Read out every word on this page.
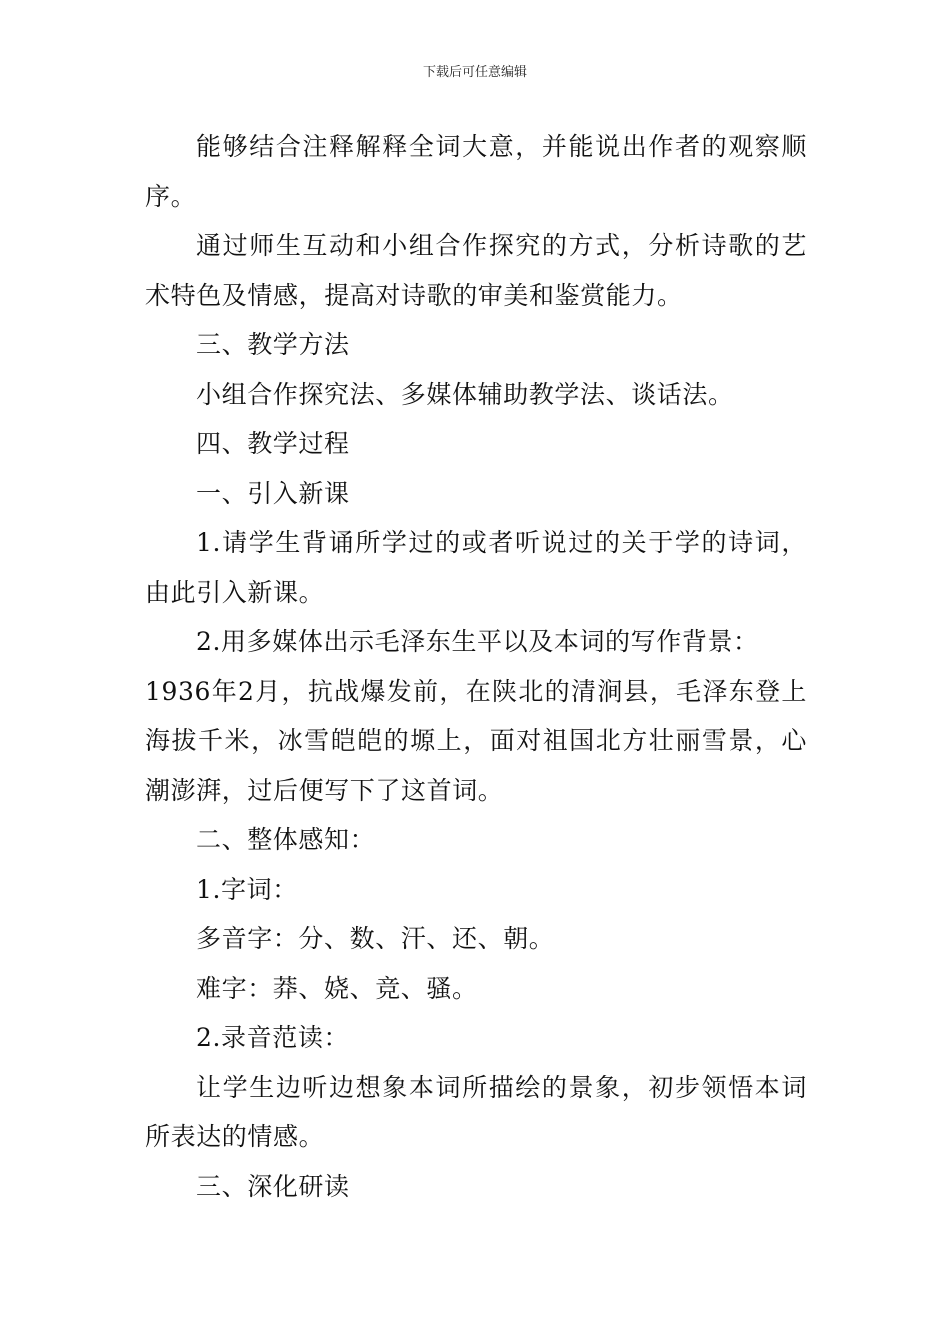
下载后可任意编辑

能够结合注释解释全词大意，并能说出作者的观察顺序。

通过师生互动和小组合作探究的方式，分析诗歌的艺术特色及情感，提高对诗歌的审美和鉴赏能力。

三、教学方法

小组合作探究法、多媒体辅助教学法、谈话法。

四、教学过程

一、引入新课

1.请学生背诵所学过的或者听说过的关于学的诗词，由此引入新课。

2.用多媒体出示毛泽东生平以及本词的写作背景：

1936年2月，抗战爆发前，在陕北的清涧县，毛泽东登上海拔千米，冰雪皑皑的塬上，面对祖国北方壮丽雪景，心潮澎湃，过后便写下了这首词。

二、整体感知：

1.字词：

多音字：分、数、汗、还、朝。

难字：莽、娆、竞、骚。

2.录音范读：

让学生边听边想象本词所描绘的景象，初步领悟本词所表达的情感。

三、深化研读
